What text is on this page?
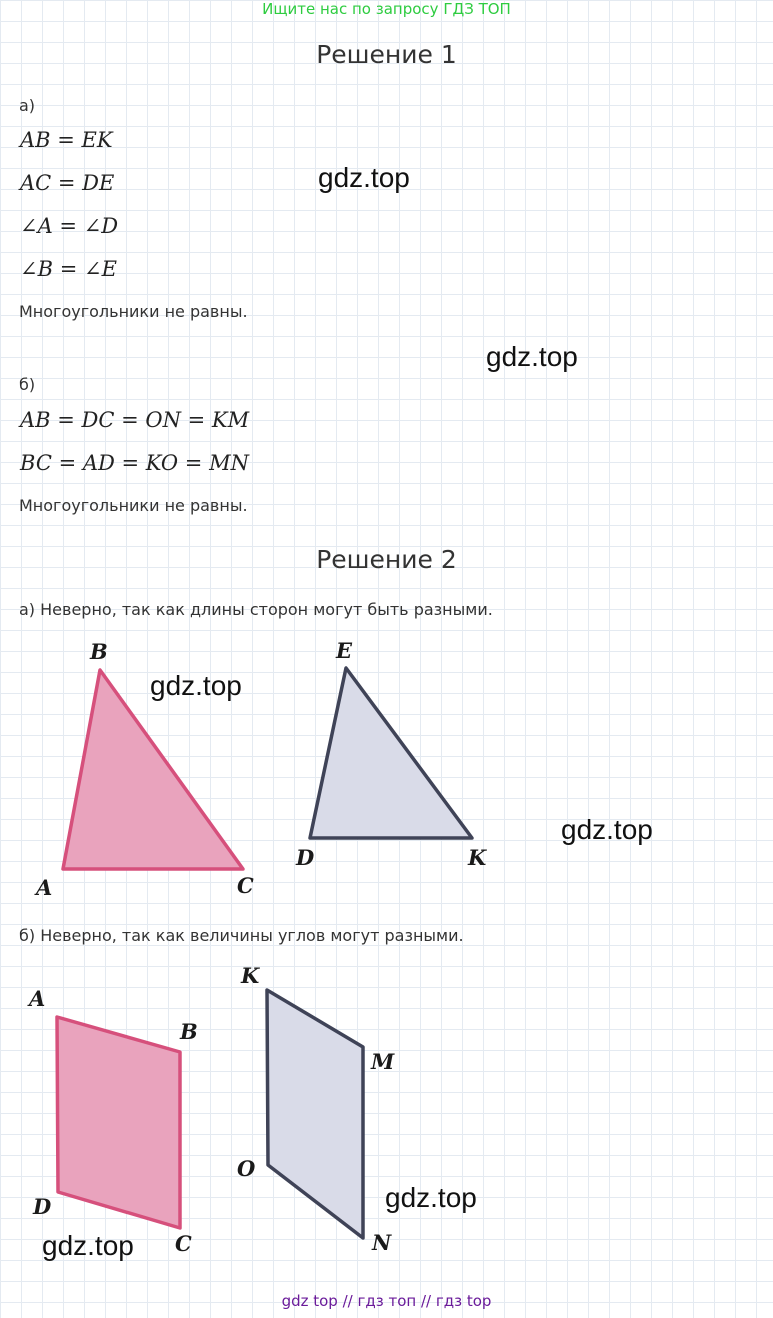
Ищите нас по запросу ГДЗ ТОП
Решение 1
а)
AB = EK
AC = DE
∠A = ∠D
∠B = ∠E
Многоугольники не равны.
б)
AB = DC = ON = KM
BC = AD = KO = MN
Многоугольники не равны.
Решение 2
а) Неверно, так как длины сторон могут быть разными.
B
A	C
E
D	K
б) Неверно, так как величины углов могут разными.
A
B
D
C
K
M
O
N
gdz.top
gdz.top
gdz.top
gdz.top
gdz.top
gdz.top
gdz top // гдз топ // гдз top
